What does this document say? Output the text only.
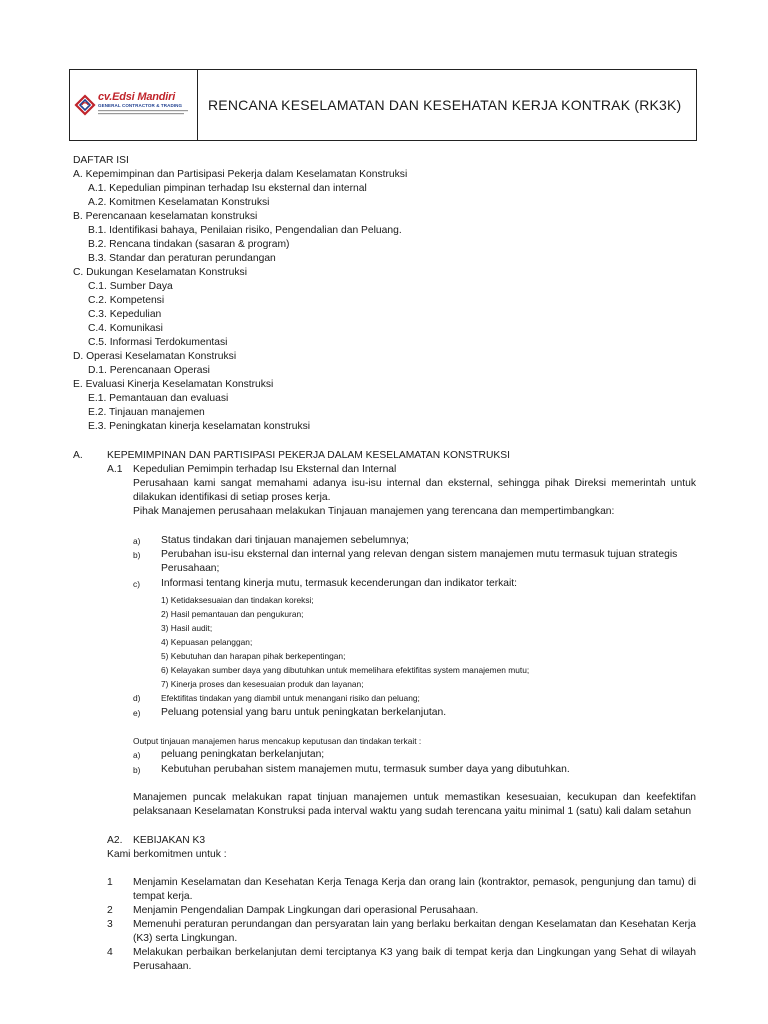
cv.Edsi Mandiri
GENERAL CONTRACTOR & TRADING	RENCANA KESELAMATAN DAN KESEHATAN KERJA KONTRAK (RK3K)
DAFTAR ISI
A. Kepemimpinan dan Partisipasi Pekerja dalam Keselamatan Konstruksi
A.1. Kepedulian pimpinan terhadap Isu eksternal dan internal
A.2. Komitmen Keselamatan Konstruksi
B. Perencanaan keselamatan konstruksi
B.1. Identifikasi bahaya, Penilaian risiko, Pengendalian dan Peluang.
B.2. Rencana tindakan (sasaran & program)
B.3. Standar dan peraturan perundangan
C. Dukungan Keselamatan Konstruksi
C.1. Sumber Daya
C.2. Kompetensi
C.3. Kepedulian
C.4. Komunikasi
C.5. Informasi Terdokumentasi
D. Operasi Keselamatan Konstruksi
D.1. Perencanaan Operasi
E. Evaluasi Kinerja Keselamatan Konstruksi
E.1. Pemantauan dan evaluasi
E.2. Tinjauan manajemen
E.3. Peningkatan kinerja keselamatan konstruksi
A. KEPEMIMPINAN DAN PARTISIPASI PEKERJA DALAM KESELAMATAN KONSTRUKSI
A.1 Kepedulian Pemimpin terhadap Isu Eksternal dan Internal
Perusahaan kami sangat memahami adanya isu-isu internal dan eksternal, sehingga pihak Direksi memerintah untuk
dilakukan identifikasi di setiap proses kerja.
Pihak Manajemen perusahaan melakukan Tinjauan manajemen yang terencana dan mempertimbangkan:
a) Status tindakan dari tinjauan manajemen sebelumnya;
b) Perubahan isu-isu eksternal dan internal yang relevan dengan sistem manajemen mutu termasuk tujuan strategis
Perusahaan;
c) Informasi tentang kinerja mutu, termasuk kecenderungan dan indikator terkait:
1) Ketidaksesuaian dan tindakan koreksi;
2) Hasil pemantauan dan pengukuran;
3) Hasil audit;
4) Kepuasan pelanggan;
5) Kebutuhan dan harapan pihak berkepentingan;
6) Kelayakan sumber daya yang dibutuhkan untuk memelihara efektifitas system manajemen mutu;
7) Kinerja proses dan kesesuaian produk dan layanan;
d) Efektifitas tindakan yang diambil untuk menangani risiko dan peluang;
e) Peluang potensial yang baru untuk peningkatan berkelanjutan.
Output tinjauan manajemen harus mencakup keputusan dan tindakan terkait :
a) peluang peningkatan berkelanjutan;
b) Kebutuhan perubahan sistem manajemen mutu, termasuk sumber daya yang dibutuhkan.
Manajemen puncak melakukan rapat tinjuan manajemen untuk memastikan kesesuaian, kecukupan dan keefektifan
pelaksanaan Keselamatan Konstruksi pada interval waktu yang sudah terencana yaitu minimal 1 (satu) kali dalam setahun
A2. KEBIJAKAN K3
Kami berkomitmen untuk :
1 Menjamin Keselamatan dan Kesehatan Kerja Tenaga Kerja dan orang lain (kontraktor, pemasok, pengunjung dan tamu) di
tempat kerja.
2 Menjamin Pengendalian Dampak Lingkungan dari operasional Perusahaan.
3 Memenuhi peraturan perundangan dan persyaratan lain yang berlaku berkaitan dengan Keselamatan dan Kesehatan Kerja
(K3) serta Lingkungan.
4 Melakukan perbaikan berkelanjutan demi terciptanya K3 yang baik di tempat kerja dan Lingkungan yang Sehat di wilayah
Perusahaan.
